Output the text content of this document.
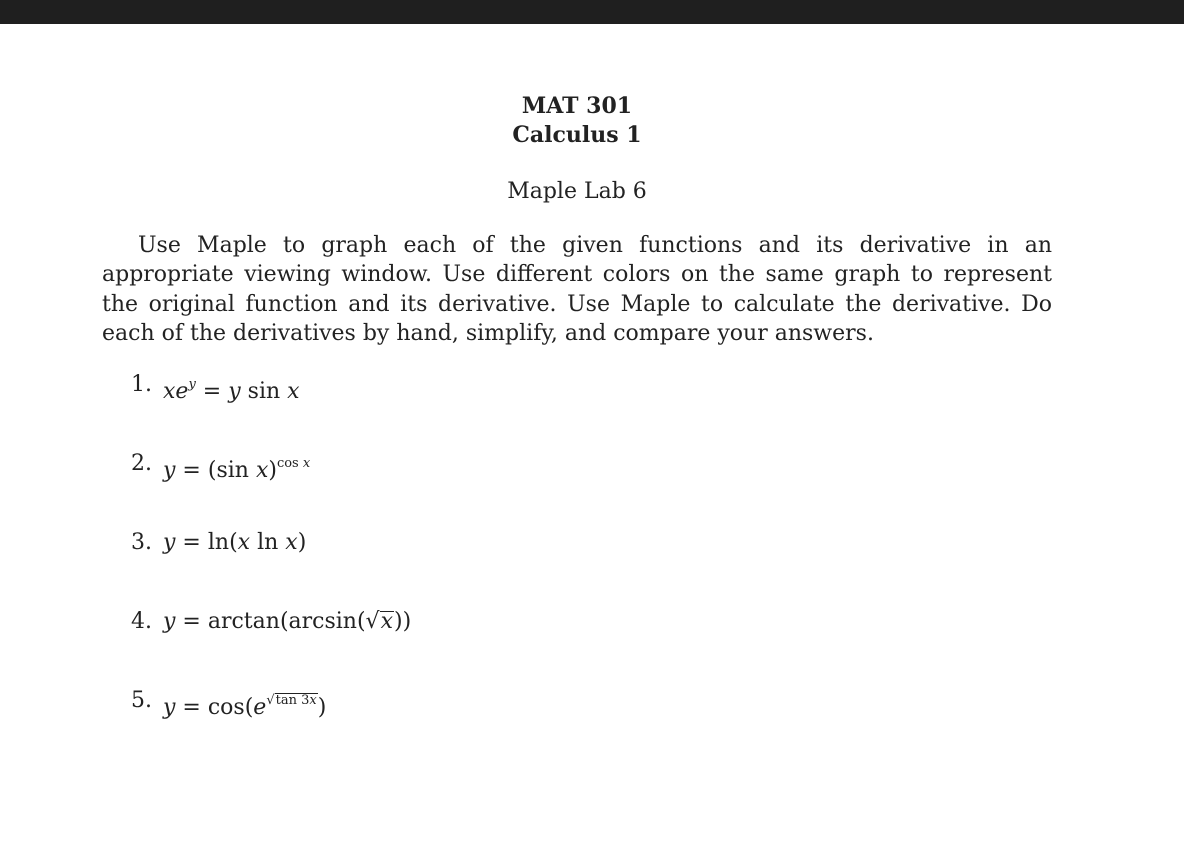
MAT 301
Calculus 1
Maple Lab 6

Use Maple to graph each of the given functions and its derivative in an appropriate viewing window. Use different colors on the same graph to represent the original function and its derivative. Use Maple to calculate the derivative. Do each of the derivatives by hand, simplify, and compare your answers.

1. $xe^y = y$ sin x
2. y = (sin x)$^{cos x}$
3. y = ln(x ln x)
4. y = arctan(arcsin(√x))
5. $y = \cos(e^{√tan 3x})$
